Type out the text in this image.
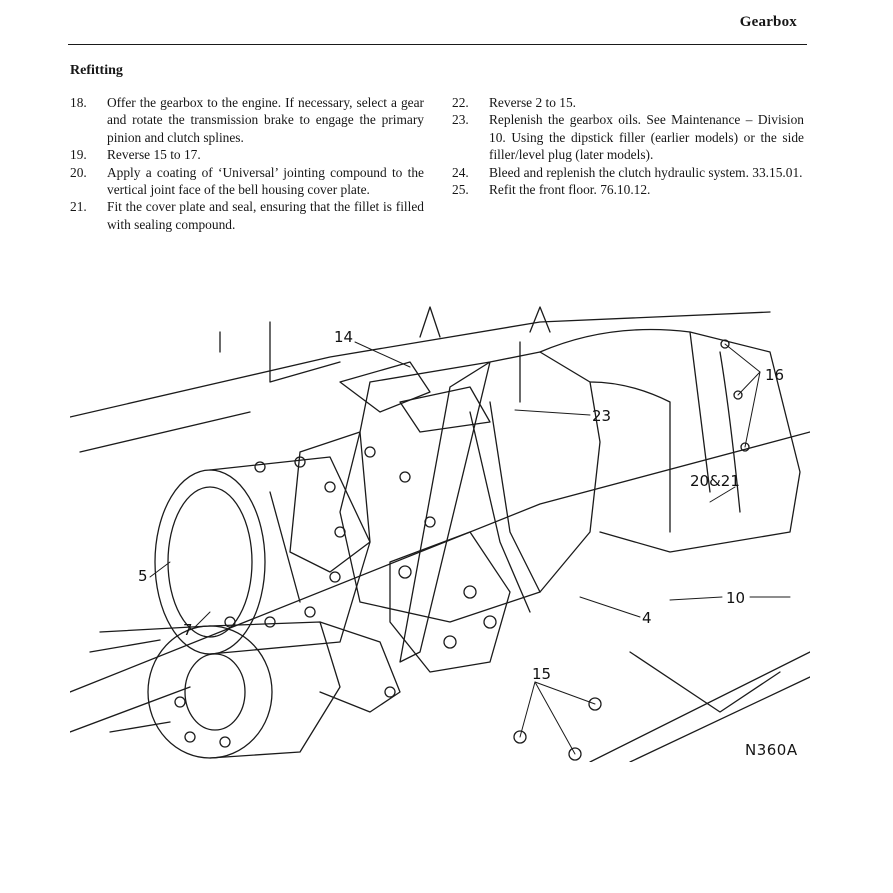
Gearbox
Refitting
18.	Offer the gearbox to the engine. If necessary, select a gear and rotate the transmission brake to engage the primary pinion and clutch splines.
19.	Reverse 15 to 17.
20.	Apply a coating of ‘Universal’ jointing compound to the vertical joint face of the bell housing cover plate.
21.	Fit the cover plate and seal, ensuring that the fillet is filled with sealing compound.
22.	Reverse 2 to 15.
23.	Replenish the gearbox oils. See Maintenance – Division 10. Using the dipstick filler (earlier models) or the side filler/level plug (later models).
24.	Bleed and replenish the clutch hydraulic system. 33.15.01.
25.	Refit the front floor. 76.10.12.
14
16
23
20&21
5
7
4
10
15
N360A
